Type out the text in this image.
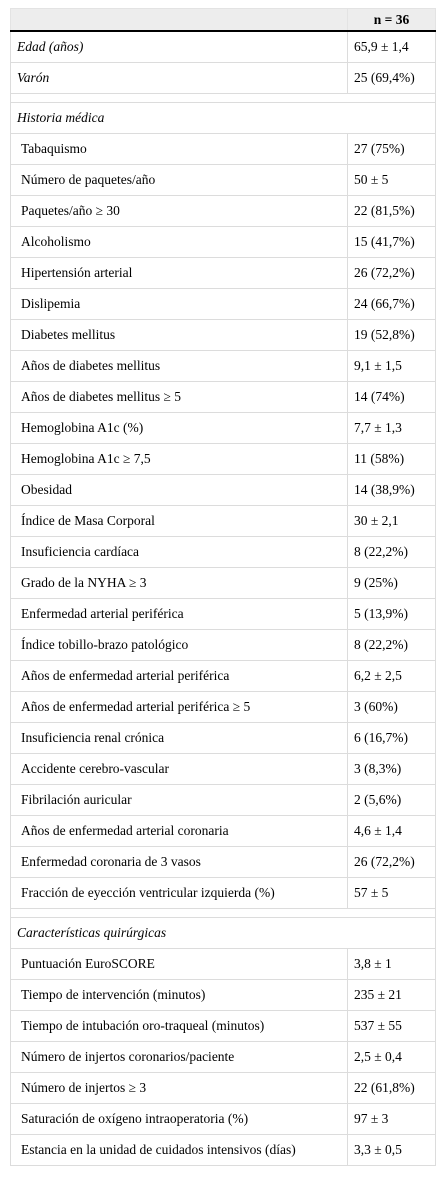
	n = 36
Edad (años)	65,9 ± 1,4
Varón	25 (69,4%)

Historia médica	
Tabaquismo	27 (75%)
Número de paquetes/año	50 ± 5
Paquetes/año ≥ 30	22 (81,5%)
Alcoholismo	15 (41,7%)
Hipertensión arterial	26 (72,2%)
Dislipemia	24 (66,7%)
Diabetes mellitus	19 (52,8%)
Años de diabetes mellitus	9,1 ± 1,5
Años de diabetes mellitus ≥ 5	14 (74%)
Hemoglobina A1c (%)	7,7 ± 1,3
Hemoglobina A1c ≥ 7,5	11 (58%)
Obesidad	14 (38,9%)
Índice de Masa Corporal	30 ± 2,1
Insuficiencia cardíaca	8 (22,2%)
Grado de la NYHA ≥ 3	9 (25%)
Enfermedad arterial periférica	5 (13,9%)
Índice tobillo-brazo patológico	8 (22,2%)
Años de enfermedad arterial periférica	6,2 ± 2,5
Años de enfermedad arterial periférica ≥ 5	3 (60%)
Insuficiencia renal crónica	6 (16,7%)
Accidente cerebro-vascular	3 (8,3%)
Fibrilación auricular	2 (5,6%)
Años de enfermedad arterial coronaria	4,6 ± 1,4
Enfermedad coronaria de 3 vasos	26 (72,2%)
Fracción de eyección ventricular izquierda (%)	57 ± 5

Características quirúrgicas	
Puntuación EuroSCORE	3,8 ± 1
Tiempo de intervención (minutos)	235 ± 21
Tiempo de intubación oro-traqueal (minutos)	537 ± 55
Número de injertos coronarios/paciente	2,5 ± 0,4
Número de injertos ≥ 3	22 (61,8%)
Saturación de oxígeno intraoperatoria (%)	97 ± 3
Estancia en la unidad de cuidados intensivos (días)	3,3 ± 0,5
